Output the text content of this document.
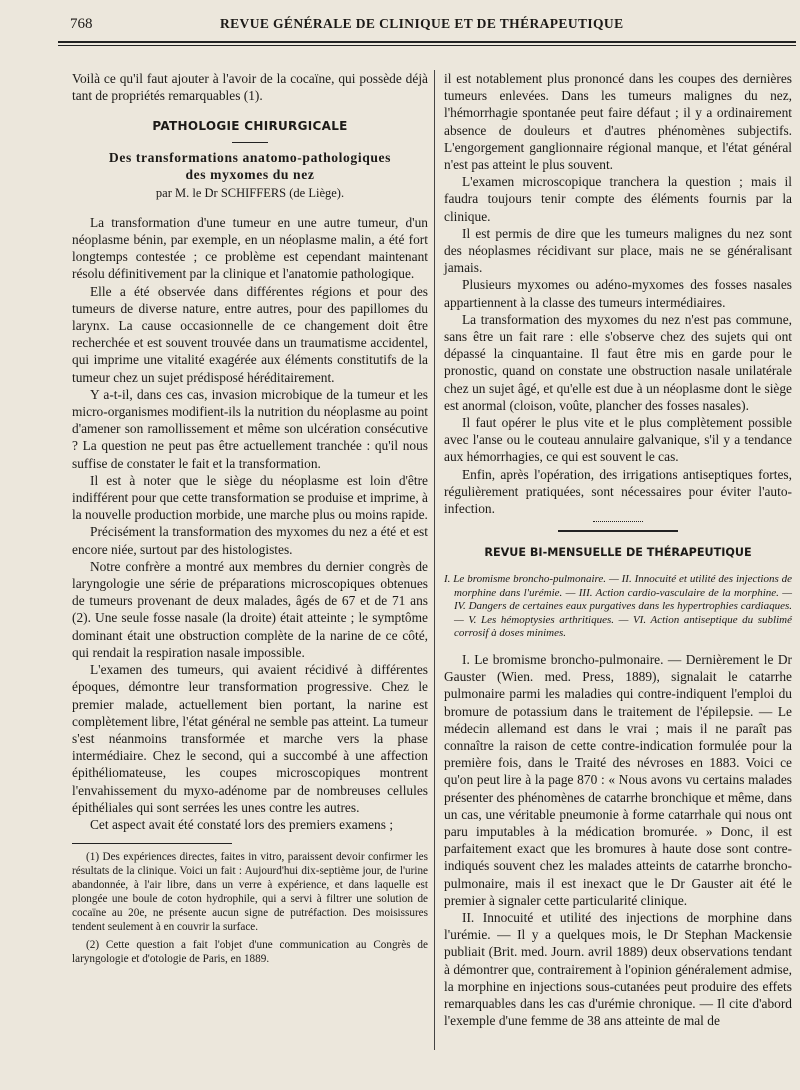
768	REVUE GÉNÉRALE DE CLINIQUE ET DE THÉRAPEUTIQUE

Voilà ce qu'il faut ajouter à l'avoir de la cocaïne, qui possède déjà tant de propriétés remarquables (1).

PATHOLOGIE CHIRURGICALE
Des transformations anatomo-pathologiques
des myxomes du nez
par M. le Dr SCHIFFERS (de Liège).

La transformation d'une tumeur en une autre tumeur, d'un néoplasme bénin, par exemple, en un néoplasme malin, a été fort longtemps contestée ; ce problème est cependant maintenant résolu définitivement par la clinique et l'anatomie pathologique.

Elle a été observée dans différentes régions et pour des tumeurs de diverse nature, entre autres, pour des papillomes du larynx. La cause occasionnelle de ce changement doit être recherchée et est souvent trouvée dans un traumatisme accidentel, qui imprime une vitalité exagérée aux éléments constitutifs de la tumeur chez un sujet prédisposé héréditairement.

Y a-t-il, dans ces cas, invasion microbique de la tumeur et les micro-organismes modifient-ils la nutrition du néoplasme au point d'amener son ramollissement et même son ulcération consécutive ? La question ne peut pas être actuellement tranchée : qu'il nous suffise de constater le fait et la transformation.

Il est à noter que le siège du néoplasme est loin d'être indifférent pour que cette transformation se produise et imprime, à la nouvelle production morbide, une marche plus ou moins rapide.

Précisément la transformation des myxomes du nez a été et est encore niée, surtout par des histologistes.

Notre confrère a montré aux membres du dernier congrès de laryngologie une série de préparations microscopiques obtenues de tumeurs provenant de deux malades, âgés de 67 et de 71 ans (2). Une seule fosse nasale (la droite) était atteinte ; le symptôme dominant était une obstruction complète de la narine de ce côté, qui rendait la respiration nasale impossible.

L'examen des tumeurs, qui avaient récidivé à différentes époques, démontre leur transformation progressive. Chez le premier malade, actuellement bien portant, la narine est complètement libre, l'état général ne semble pas atteint. La tumeur s'est néanmoins transformée et marche vers la phase intermédiaire. Chez le second, qui a succombé à une affection épithéliomateuse, les coupes microscopiques montrent l'envahissement du myxo-adénome par de nombreuses cellules épithéliales qui sont serrées les unes contre les autres.

Cet aspect avait été constaté lors des premiers examens ;

(1) Des expériences directes, faites in vitro, paraissent devoir confirmer les résultats de la clinique. Voici un fait : Aujourd'hui dix-septième jour, de l'urine abandonnée, à l'air libre, dans un verre à expérience, et dans laquelle est plongée une boule de coton hydrophile, qui a servi à filtrer une solution de cocaïne au 20e, ne présente aucun signe de putréfaction. Des moisissures tendent seulement à en couvrir la surface.

(2) Cette question a fait l'objet d'une communication au Congrès de laryngologie et d'otologie de Paris, en 1889.

il est notablement plus prononcé dans les coupes des dernières tumeurs enlevées. Dans les tumeurs malignes du nez, l'hémorrhagie spontanée peut faire défaut ; il y a ordinairement absence de douleurs et d'autres phénomènes subjectifs. L'engorgement ganglionnaire régional manque, et l'état général n'est pas atteint le plus souvent.

L'examen microscopique tranchera la question ; mais il faudra toujours tenir compte des éléments fournis par la clinique.

Il est permis de dire que les tumeurs malignes du nez sont des néoplasmes récidivant sur place, mais ne se généralisant jamais.

Plusieurs myxomes ou adéno-myxomes des fosses nasales appartiennent à la classe des tumeurs intermédiaires.

La transformation des myxomes du nez n'est pas commune, sans être un fait rare : elle s'observe chez des sujets qui ont dépassé la cinquantaine. Il faut être mis en garde pour le pronostic, quand on constate une obstruction nasale unilatérale chez un sujet âgé, et qu'elle est due à un néoplasme dont le siège est anormal (cloison, voûte, plancher des fosses nasales).

Il faut opérer le plus vite et le plus complètement possible avec l'anse ou le couteau annulaire galvanique, s'il y a tendance aux hémorrhagies, ce qui est souvent le cas.

Enfin, après l'opération, des irrigations antiseptiques fortes, régulièrement pratiquées, sont nécessaires pour éviter l'auto-infection.

REVUE BI-MENSUELLE DE THÉRAPEUTIQUE
I. Le bromisme broncho-pulmonaire. — II. Innocuité et utilité des injections de morphine dans l'urémie. — III. Action cardio-vasculaire de la morphine. — IV. Dangers de certaines eaux purgatives dans les hypertrophies cardiaques. — V. Les hémoptysies arthritiques. — VI. Action antiseptique du sublimé corrosif à doses minimes.

I. Le bromisme broncho-pulmonaire. — Dernièrement le Dr Gauster (Wien. med. Press, 1889), signalait le catarrhe pulmonaire parmi les maladies qui contre-indiquent l'emploi du bromure de potassium dans le traitement de l'épilepsie. — Le médecin allemand est dans le vrai ; mais il ne paraît pas connaître la raison de cette contre-indication formulée pour la première fois, dans le Traité des névroses en 1883. Voici ce qu'on peut lire à la page 870 : « Nous avons vu certains malades présenter des phénomènes de catarrhe bronchique et même, dans un cas, une véritable pneumonie à forme catarrhale qui nous ont paru imputables à la médication bromurée. » Donc, il est parfaitement exact que les bromures à haute dose sont contre-indiqués souvent chez les malades atteints de catarrhe broncho-pulmonaire, mais il est inexact que le Dr Gauster ait été le premier à signaler cette particularité clinique.

II. Innocuité et utilité des injections de morphine dans l'urémie. — Il y a quelques mois, le Dr Stephan Mackensie publiait (Brit. med. Journ. avril 1889) deux observations tendant à démontrer que, contrairement à l'opinion généralement admise, la morphine en injections sous-cutanées peut produire des effets remarquables dans les cas d'urémie chronique. — Il cite d'abord l'exemple d'une femme de 38 ans atteinte de mal de
